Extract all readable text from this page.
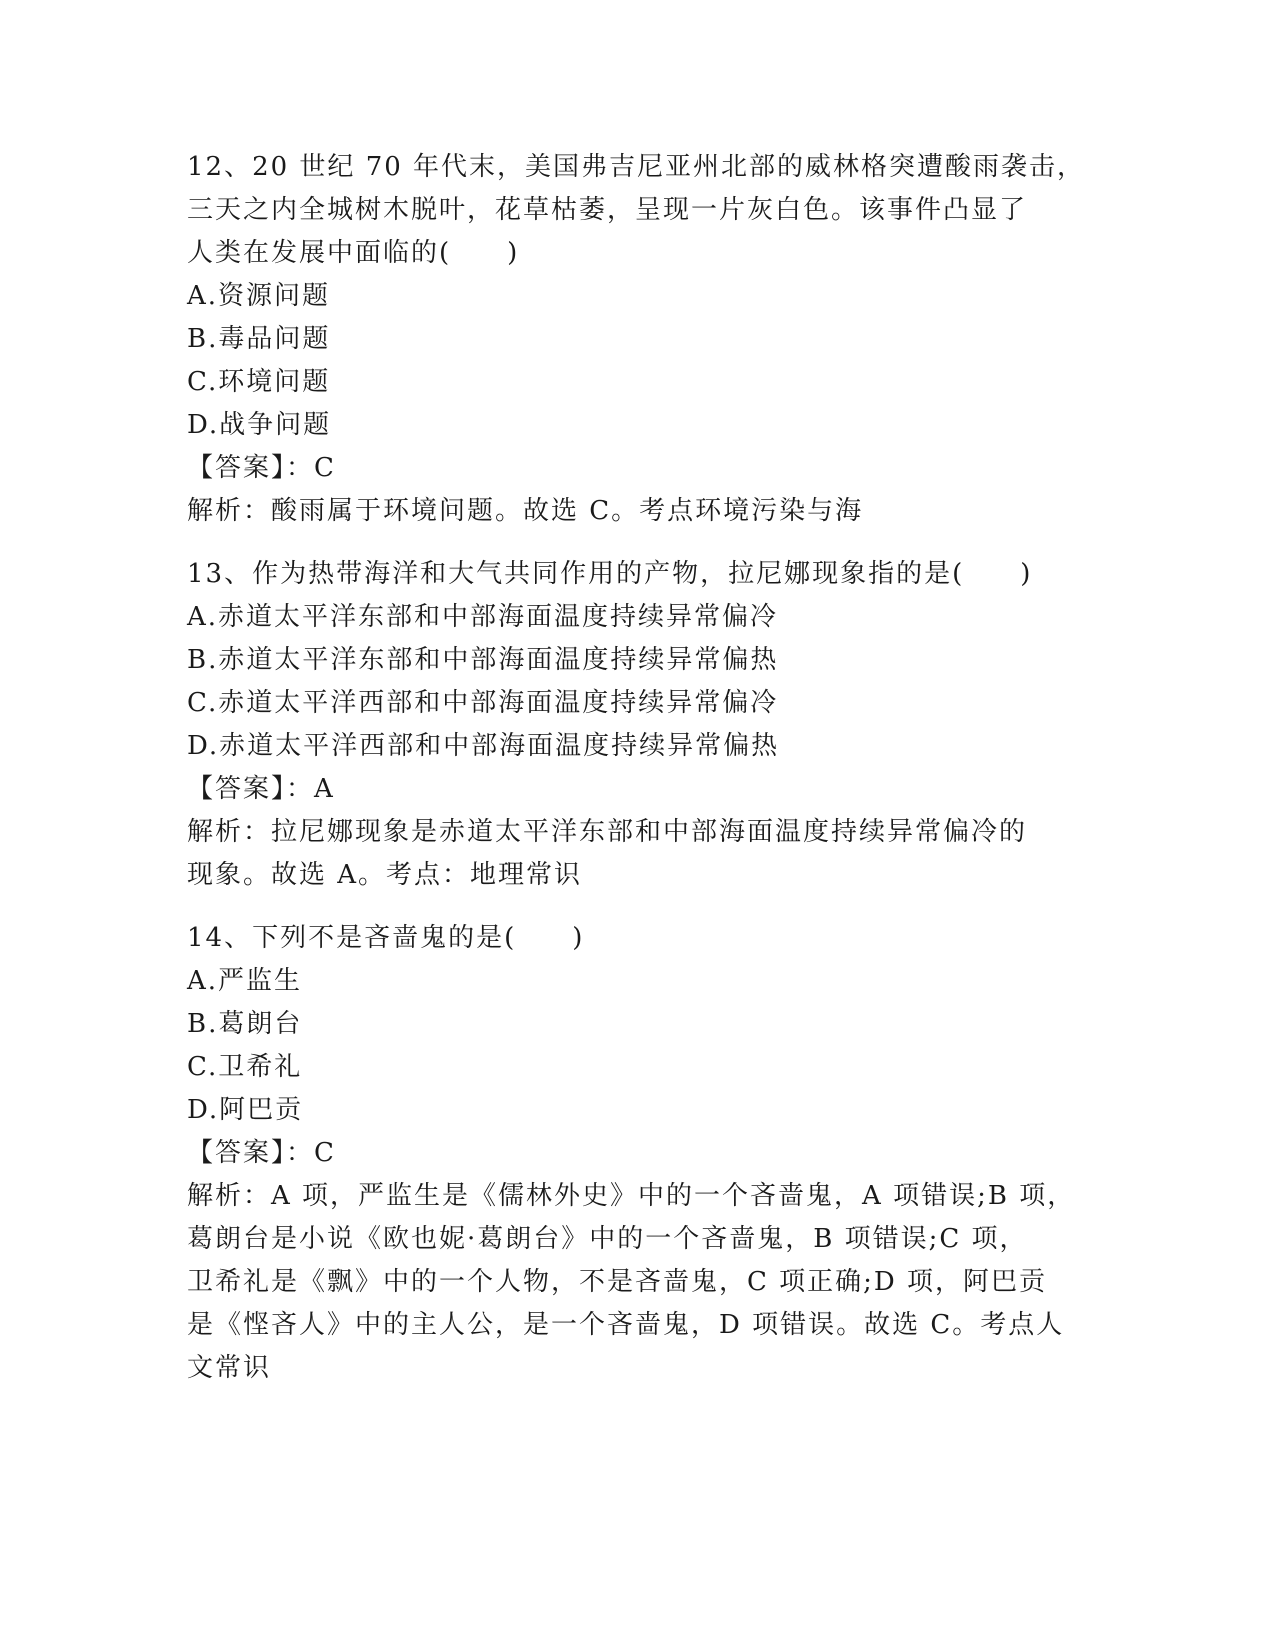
12、20 世纪 70 年代末，美国弗吉尼亚州北部的威林格突遭酸雨袭击，
三天之内全城树木脱叶，花草枯萎，呈现一片灰白色。该事件凸显了
人类在发展中面临的(　　)
A.资源问题
B.毒品问题
C.环境问题
D.战争问题
【答案】：C
解析：酸雨属于环境问题。故选 C。考点环境污染与海
13、作为热带海洋和大气共同作用的产物，拉尼娜现象指的是(　　)
A.赤道太平洋东部和中部海面温度持续异常偏冷
B.赤道太平洋东部和中部海面温度持续异常偏热
C.赤道太平洋西部和中部海面温度持续异常偏冷
D.赤道太平洋西部和中部海面温度持续异常偏热
【答案】：A
解析：拉尼娜现象是赤道太平洋东部和中部海面温度持续异常偏冷的
现象。故选 A。考点：地理常识
14、下列不是吝啬鬼的是(　　)
A.严监生
B.葛朗台
C.卫希礼
D.阿巴贡
【答案】：C
解析：A 项，严监生是《儒林外史》中的一个吝啬鬼，A 项错误;B 项，
葛朗台是小说《欧也妮·葛朗台》中的一个吝啬鬼，B 项错误;C 项，
卫希礼是《飘》中的一个人物，不是吝啬鬼，C 项正确;D 项，阿巴贡
是《悭吝人》中的主人公，是一个吝啬鬼，D 项错误。故选 C。考点人
文常识
